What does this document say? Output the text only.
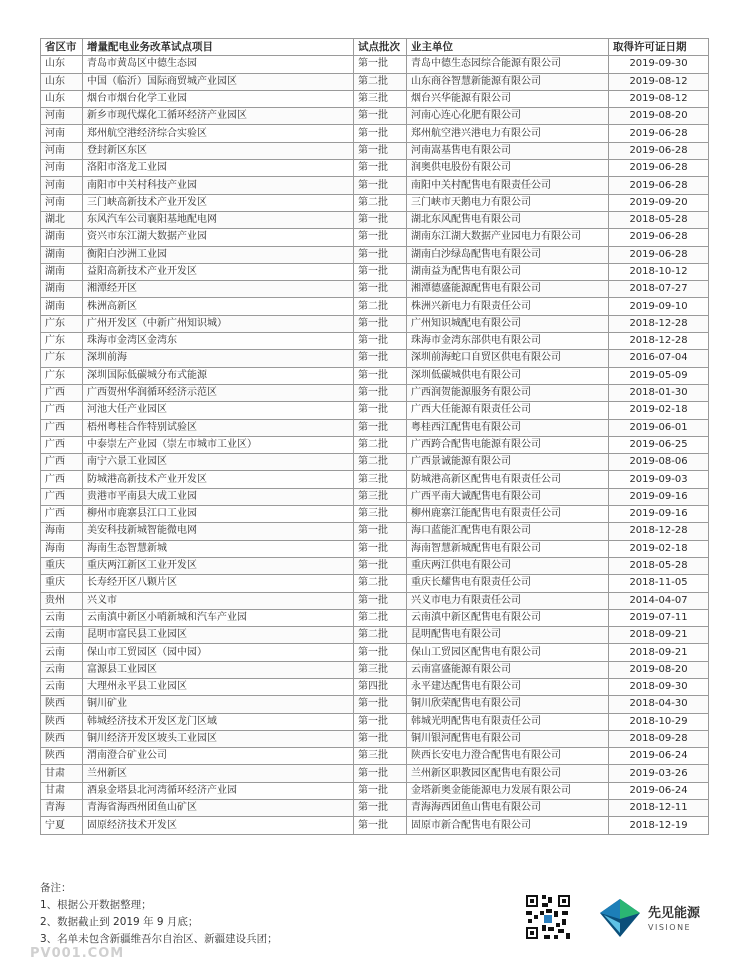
省区市	增量配电业务改革试点项目	试点批次	业主单位	取得许可证日期
山东	青岛市黄岛区中德生态园	第一批	青岛中德生态园综合能源有限公司	2019-09-30
山东	中国（临沂）国际商贸城产业园区	第二批	山东商谷智慧新能源有限公司	2019-08-12
山东	烟台市烟台化学工业园	第三批	烟台兴华能源有限公司	2019-08-12
河南	新乡市现代煤化工循环经济产业园区	第一批	河南心连心化肥有限公司	2019-08-20
河南	郑州航空港经济综合实验区	第一批	郑州航空港兴港电力有限公司	2019-06-28
河南	登封新区东区	第一批	河南嵩基售电有限公司	2019-06-28
河南	洛阳市洛龙工业园	第一批	润奥供电股份有限公司	2019-06-28
河南	南阳市中关村科技产业园	第一批	南阳中关村配售电有限责任公司	2019-06-28
河南	三门峡高新技术产业开发区	第二批	三门峡市天鹅电力有限公司	2019-09-20
湖北	东风汽车公司襄阳基地配电网	第一批	湖北东风配售电有限公司	2018-05-28
湖南	资兴市东江湖大数据产业园	第一批	湖南东江湖大数据产业园电力有限公司	2019-06-28
湖南	衡阳白沙洲工业园	第一批	湖南白沙绿岛配售电有限公司	2019-06-28
湖南	益阳高新技术产业开发区	第一批	湖南益为配售电有限公司	2018-10-12
湖南	湘潭经开区	第一批	湘潭德盛能源配售电有限公司	2018-07-27
湖南	株洲高新区	第二批	株洲兴新电力有限责任公司	2019-09-10
广东	广州开发区（中新广州知识城）	第一批	广州知识城配电有限公司	2018-12-28
广东	珠海市金湾区金湾东	第一批	珠海市金湾东部供电有限公司	2018-12-28
广东	深圳前海	第一批	深圳前海蛇口自贸区供电有限公司	2016-07-04
广东	深圳国际低碳城分布式能源	第一批	深圳低碳城供电有限公司	2019-05-09
广西	广西贺州华润循环经济示范区	第一批	广西润贺能源服务有限公司	2018-01-30
广西	河池大任产业园区	第一批	广西大任能源有限责任公司	2019-02-18
广西	梧州粤桂合作特别试验区	第一批	粤桂西江配售电有限公司	2019-06-01
广西	中泰崇左产业园（崇左市城市工业区）	第二批	广西跨合配售电能源有限公司	2019-06-25
广西	南宁六景工业园区	第二批	广西景诚能源有限公司	2019-08-06
广西	防城港高新技术产业开发区	第三批	防城港高新区配售电有限责任公司	2019-09-03
广西	贵港市平南县大成工业园	第三批	广西平南大诚配售电有限公司	2019-09-16
广西	柳州市鹿寨县江口工业园	第三批	柳州鹿寨江能配售电有限责任公司	2019-09-16
海南	美安科技新城智能微电网	第一批	海口蓝能汇配售电有限公司	2018-12-28
海南	海南生态智慧新城	第一批	海南智慧新城配售电有限公司	2019-02-18
重庆	重庆两江新区工业开发区	第一批	重庆两江供电有限公司	2018-05-28
重庆	长寿经开区八颗片区	第二批	重庆长耀售电有限责任公司	2018-11-05
贵州	兴义市	第一批	兴义市电力有限责任公司	2014-04-07
云南	云南滇中新区小哨新城和汽车产业园	第二批	云南滇中新区配售电有限公司	2019-07-11
云南	昆明市富民县工业园区	第二批	昆明配售电有限公司	2018-09-21
云南	保山市工贸园区（园中园）	第一批	保山工贸园区配售电有限公司	2018-09-21
云南	富源县工业园区	第三批	云南富盛能源有限公司	2019-08-20
云南	大理州永平县工业园区	第四批	永平建达配售电有限公司	2018-09-30
陕西	铜川矿业	第一批	铜川欣荣配售电有限公司	2018-04-30
陕西	韩城经济技术开发区龙门区域	第一批	韩城光明配售电有限责任公司	2018-10-29
陕西	铜川经济开发区坡头工业园区	第一批	铜川银河配售电有限公司	2018-09-28
陕西	渭南澄合矿业公司	第三批	陕西长安电力澄合配售电有限公司	2019-06-24
甘肃	兰州新区	第一批	兰州新区职教园区配售电有限公司	2019-03-26
甘肃	酒泉金塔县北河湾循环经济产业园	第一批	金塔新奥金能能源电力发展有限公司	2019-06-24
青海	青海省海西州团鱼山矿区	第一批	青海海西团鱼山售电有限公司	2018-12-11
宁夏	固原经济技术开发区	第一批	固原市新合配售电有限公司	2018-12-19
备注：
1、根据公开数据整理；
2、数据截止到 2019 年 9 月底；
3、名单未包含新疆维吾尔自治区、新疆建设兵团；
先见能源
VISIONE
PV001.COM
